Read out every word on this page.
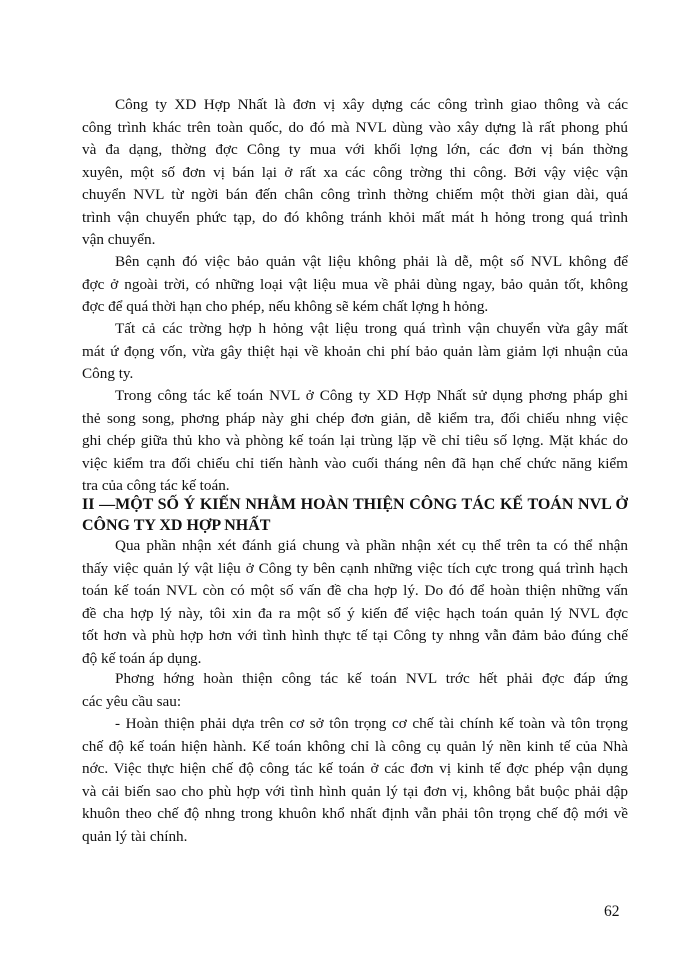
Công ty XD Hợp Nhất là đơn vị xây dựng các công trình giao thông và các
công trình khác trên toàn quốc, do đó mà NVL dùng vào xây dựng là rất phong phú
và đa dạng, thờng đợc Công ty mua với khối lợng lớn, các đơn vị bán thờng
xuyên, một số đơn vị bán lại ở rất xa các công trờng thi công. Bởi vậy việc vận
chuyển NVL từ ngời bán đến chân công trình thờng chiếm một thời gian dài, quá
trình vận chuyển phức tạp, do đó không tránh khỏi mất mát h hỏng trong quá trình
vận chuyển.
Bên cạnh đó việc bảo quản vật liệu không phải là dễ, một số NVL không để
đợc ở ngoài trời, có những loại vật liệu mua về phải dùng ngay, bảo quản tốt, không
đợc để quá thời hạn cho phép, nếu không sẽ kém chất lợng h hỏng.
Tất cả các trờng hợp h hỏng vật liệu trong quá trình vận chuyển vừa gây mất
mát ứ đọng vốn, vừa gây thiệt hại về khoản chi phí bảo quản làm giảm lợi nhuận của
Công ty.
Trong công tác kế toán NVL ở Công ty XD Hợp Nhất sử dụng phơng pháp ghi
thẻ song song, phơng pháp này ghi chép đơn giản, dễ kiểm tra, đối chiếu nhng việc
ghi chép giữa thủ kho và phòng kế toán lại trùng lặp về chỉ tiêu số lợng. Mặt khác do
việc kiểm tra đối chiếu chỉ tiến hành vào cuối tháng nên đã hạn chế chức năng kiểm
tra của công tác kế toán.
II —MỘT SỐ Ý KIẾN NHẰM HOÀN THIỆN CÔNG TÁC KẾ TOÁN NVL Ở
CÔNG TY XD HỢP NHẤT
Qua phần nhận xét đánh giá chung và phần nhận xét cụ thể trên ta có thể nhận
thấy việc quản lý vật liệu ở Công ty bên cạnh những việc tích cực trong quá trình hạch
toán kế toán NVL còn có một số vấn đề cha hợp lý. Do đó để hoàn thiện những vấn
đề cha hợp lý này, tôi xin đa ra một số ý kiến để việc hạch toán quản lý NVL đợc
tốt hơn và phù hợp hơn với tình hình thực tế tại Công ty nhng vẫn đảm bảo đúng chế
độ kế toán áp dụng.
Phơng hớng hoàn thiện công tác kế toán NVL trớc hết phải đợc đáp ứng
các yêu cầu sau:
- Hoàn thiện phải dựa trên cơ sở tôn trọng cơ chế tài chính kế toàn và tôn trọng
chế độ kế toán hiện hành. Kế toán không chỉ là công cụ quản lý nền kinh tế của Nhà
nớc. Việc thực hiện chế độ công tác kế toán ở các đơn vị kinh tế đợc phép vận dụng
và cải biến sao cho phù hợp với tình hình quản lý tại đơn vị, không bắt buộc phải dập
khuôn theo chế độ nhng trong khuôn khổ nhất định vẫn phải tôn trọng chế độ mới về
quản lý tài chính.
62
